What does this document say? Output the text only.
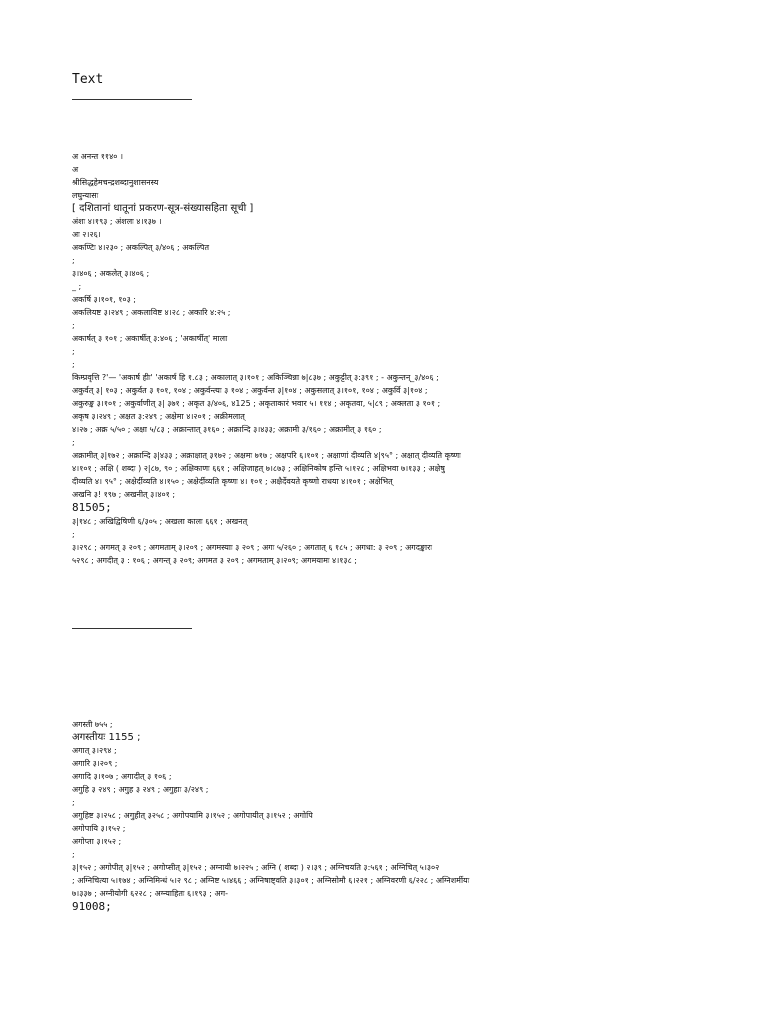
Text
अ अनन्त ११४० ।
अ
श्रीसिद्धहेमचन्द्रशब्दानुशासनस्य
लघुन्यासः
[ दशितानां धातूनां प्रकरण-सूत्र-संख्यासहिता सूची ]
अंशः ४।१९३ ; अंशलः ४।१३७ ।
अः २।२६।
अकण्टिः ४।२३० ; अकल्पित् ३/४०६ ; अकल्पित
;
३।४०६ ; अकलेत् ३।४०६ ;
_ ;
अकर्षि ३।१०१, १०३ ;
अकलियष्ट ३।२४९ ; अकलाविष्ट ४।२८ ; अकारि ४:२५ ;
;
अकार्षत् ३ १०१ ; अकार्षीत् ३:४०६ ; 'अकार्षीत्' माला
;
;
किम्प्रवृत्ति ?'— 'अकार्ष हीः' 'अकार्ष हि १.८३ ; अकालात् ३।१०१ ; अकिञ्चिन्ना ७|८३७ ; अकुट्टीत् ३:३९१ ; - अकुन्तन्_३/४०६ ;
अकुर्वत् ३| १०३ ; अकुर्वत ३ १०१, १०४ ; अकुर्वन्त्यः ३ १०४ ; अकुर्वन्त ३|१०४ ; अकुसलात् ३।१०१, १०४ ; अकुर्वि ३|१०४ ;
अकुरुङ्क ३।१०१ ; अकुर्वाणीत् ३| ३७१ ; अकृत ३/४०६, ४125 ; अकृताकारं भवार ५। ११४ ; अकृतवा, ५|८९ ; अक्लता ३ १०१ ;
अकृष ३।२४९ ; अक्षत ३:२४९ ; अक्षेमा ४।२०१ ; अक्रीमलात्
४।२७ ; अक्र ५/५० ; अक्षा ५/८३ ; अक्रान्तात् ३१६० ; अक्रान्दि ३।४३३; अक्रामी ३/१६० ; अक्रामीत् ३ १६० ;
;
अक्रामीत् ३|१७२ ; अक्रान्दि ३|४३३ ; अक्राक्षात् ३१७२ ; अक्षमः ७१७ ; अक्षपरि ६।१०१ ; अक्षाणां दीव्यति ४|९५° ; अक्षात् दीव्यति कृष्णः
४।१०१ ; अक्षि ( शब्दः ) २|८७, ९० ; अक्षिकाणः ६६१ ; अक्षिजाहत् ७।८७३ ; अक्षिनिकोष हन्ति ५।१२८ ; अक्षिभवा ७।१३३ ; अक्षेषु
दीव्यति ४। ९५° ; अक्षेर्दीव्यति ४।१५० ; अक्षेर्दीव्यति कृष्णः ४। १०१ ; अक्षैर्देवयते कृष्णो राधया ४।१०१ ; अक्षेभित्
अखनि ३! १९७ ; अखनीत् ३।४०१ ;
81505;
३|१४८ ; अखिद्विषिणी ६/३०५ ; अखला कालः ६६१ ; अखनत्
;
३।२९८ ; अगमत् ३ २०९ ; अगमताम् ३।२०९ ; अगमस्याः ३ २०९ ; अगः ५/२६० ; अगतात् ६ १८५ ; अगधा: ३ २०९ ; अगदङ्कारः
५२९८ ; अगदीत् ३ : १०६ ; अगन्त् ३ २०९; अगमत ३ २०९ ; अगमताम् ३।२०९; अगमयामः ४।१३८ ;
अगस्ती ७५५ ;
अगस्तीयः 1155 ;
अगात् ३।२९४ ;
अगारि ३।२०९ ;
अगादि ३।१०७ ; अगादीत् ३ १०६ ;
अगुहि ३ २४९ ; अगुह ३ २४९ ; अगुहाः ३/२४९ ;
;
अगुहिष्ट ३।२५८ ; अगुहीत् ३२५८ ; अगोपयामि ३।१५२ ; अगोपायीत् ३।१५२ ; अगोपि
अगोपायि ३।१५२ ;
अगोप्ता ३।१५२ ;
;
३|१५२ ; अगोपीत् ३|१५२ ; अगोप्सीत् ३|१५२ ; अग्नायी ७।२२५ ; अग्नि ( शब्दः ) २।३९ ; अग्निचयति ३:५६१ ; अग्निचित् ५।३०२
; अग्निचित्या ५।१७४ ; अग्निमिन्धं ५।२ ९८ ; अग्निष्ट ५।४६६ ; अग्निषाष्ट्वति ३।३०१ ; अग्निसोमौ ६।२२१ ; अग्निवरणी ६/२२८ ; अग्निशर्मीयः
७।३३७ ; अग्नीयोगी ६२२८ ; अग्न्याहितः ६।१९३ ; अग-
91008;
